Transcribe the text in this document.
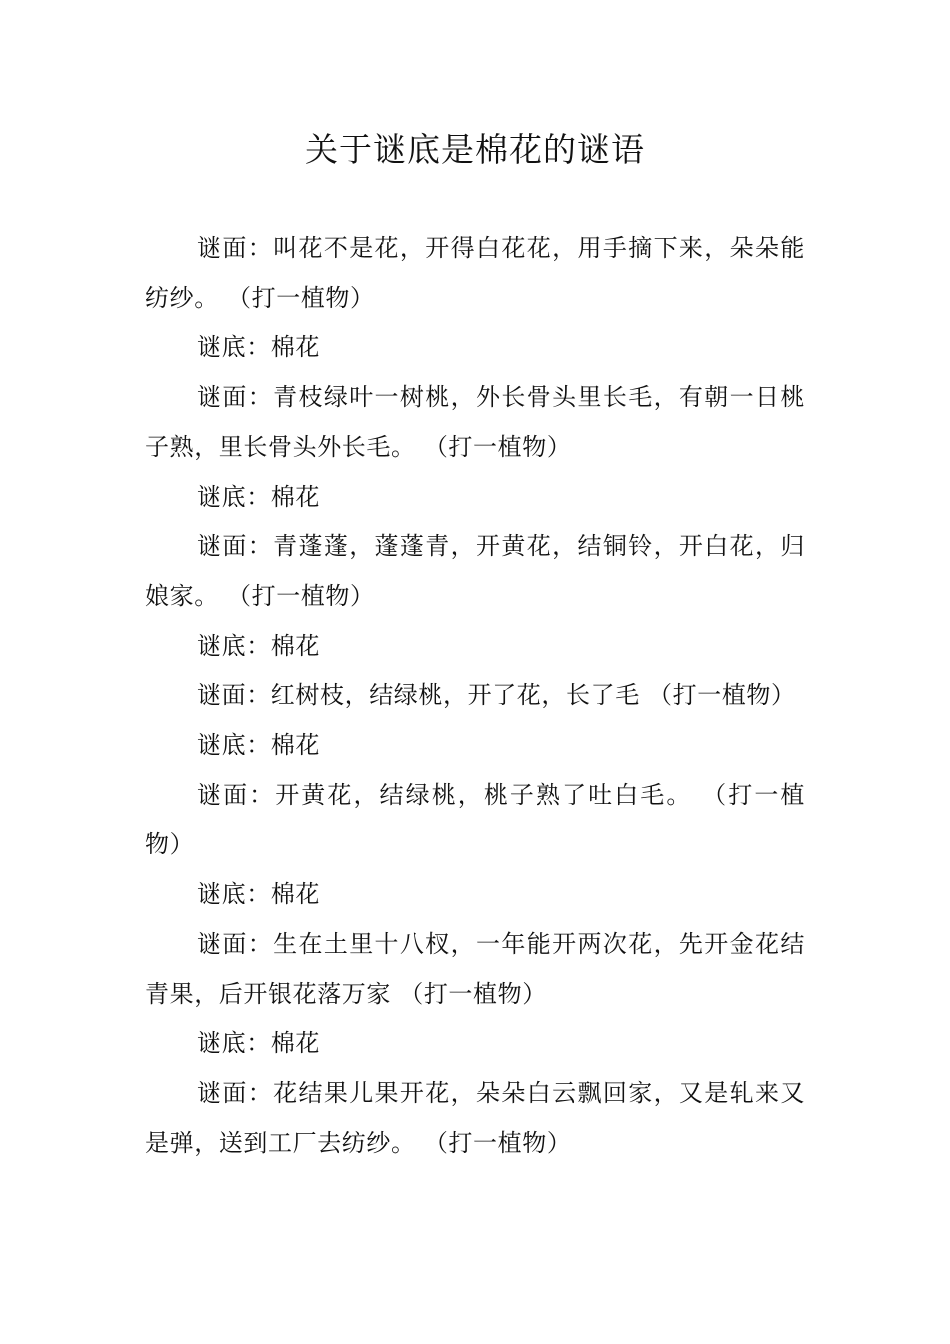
关于谜底是棉花的谜语

谜面：叫花不是花，开得白花花，用手摘下来，朵朵能纺纱。 （打一植物）

谜底：棉花

谜面：青枝绿叶一树桃，外长骨头里长毛，有朝一日桃子熟，里长骨头外长毛。 （打一植物）

谜底：棉花

谜面：青蓬蓬，蓬蓬青，开黄花，结铜铃，开白花，归娘家。 （打一植物）

谜底：棉花

谜面：红树枝，结绿桃，开了花，长了毛 （打一植物）

谜底：棉花

谜面：开黄花，结绿桃，桃子熟了吐白毛。 （打一植物）

谜底：棉花

谜面：生在土里十八杈，一年能开两次花，先开金花结青果，后开银花落万家 （打一植物）

谜底：棉花

谜面：花结果儿果开花，朵朵白云飘回家，又是轧来又是弹，送到工厂去纺纱。 （打一植物）
